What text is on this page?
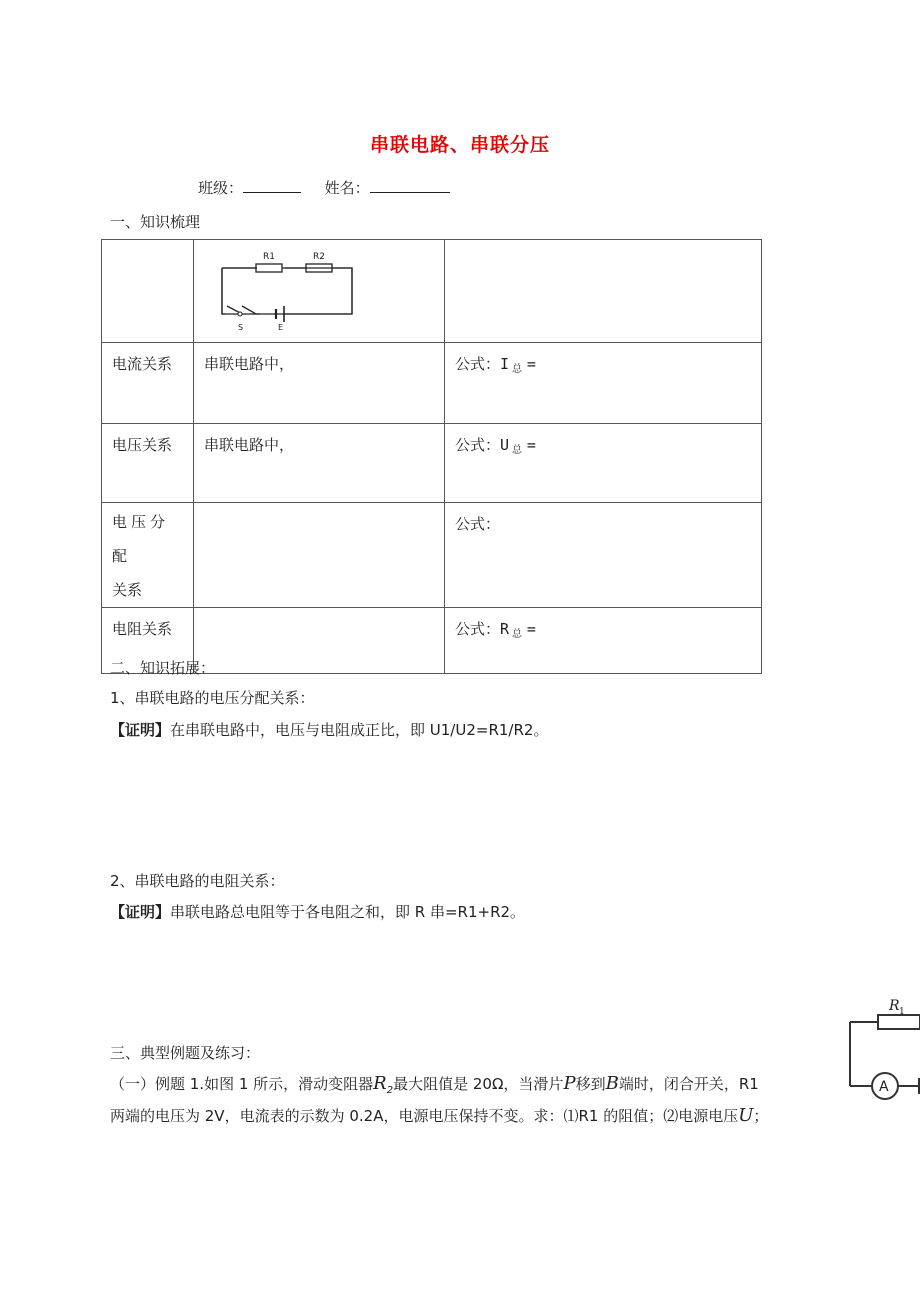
串联电路、串联分压
班级：	姓名：
一、知识梳理

R1 R2
S E	

电流关系	串联电路中，	公式：I $_总$ =
电压关系	串联电路中，	公式：U $_总$ =

电压分配
关系		公式：
电阻关系		公式：R $_总$ =
二、知识拓展：
1、串联电路的电压分配关系：
【证明】在串联电路中，电压与电阻成正比，即 U1/U2=R1/R2。
2、串联电路的电阻关系：
【证明】串联电路总电阻等于各电阻之和，即 R 串=R1+R2。
三、典型例题及练习：
（一）例题 1.如图 1 所示，滑动变阻器$R_2$最大阻值是 20Ω，当滑片P移到B端时，闭合开关，R1
两端的电压为 2V，电流表的示数为 0.2A，电源电压保持不变。求：⑴R1 的阻值；⑵电源电压U；
R 1
A
